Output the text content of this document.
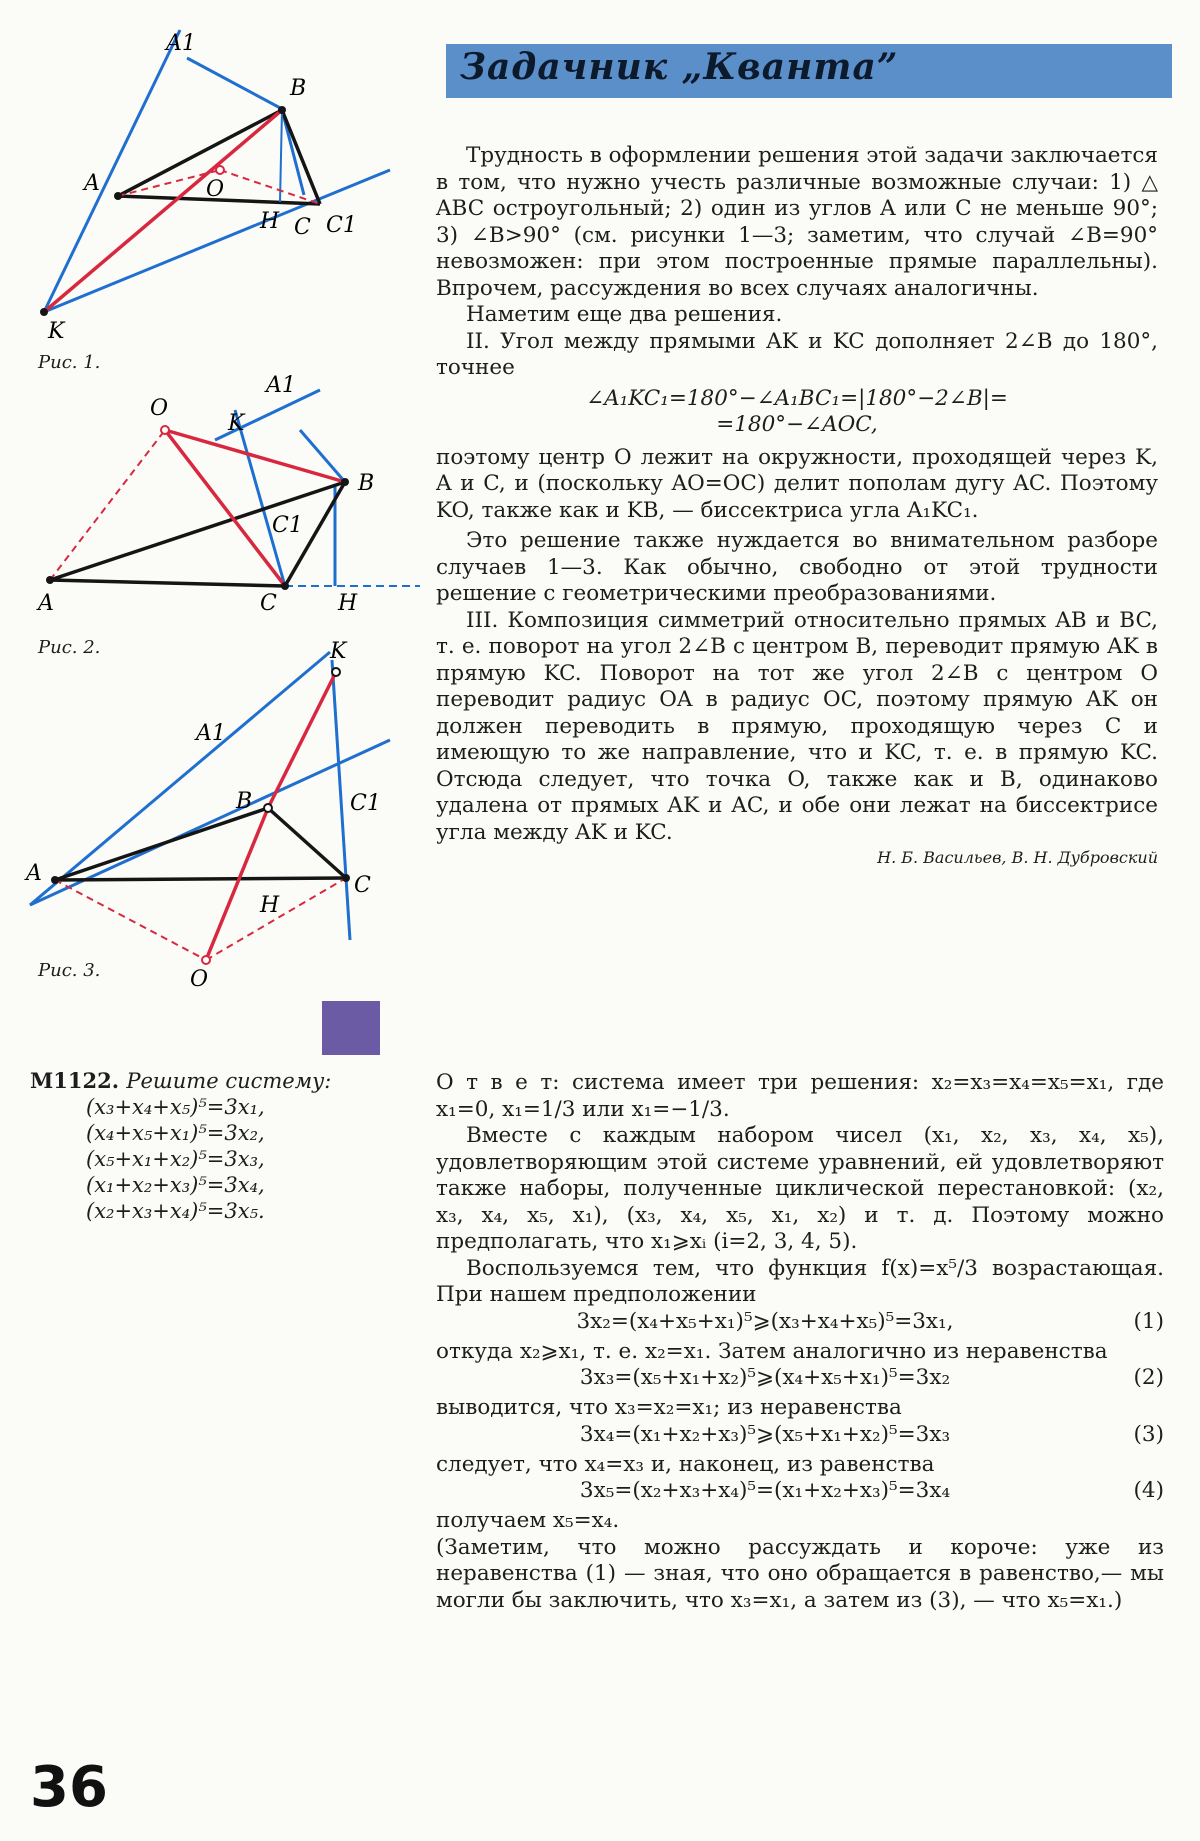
Задачник „Кванта”
A1
B
A	O
H C C1
K
Рис. 1.
O
K
A1
B
C1
A	C	H
Рис. 2.	K
A1
B	C1
A
H
C
O
Рис. 3.

Трудность в оформлении решения этой задачи заключается в том, что нужно учесть различные возможные случаи: 1) △ ABC остроугольный; 2) один из углов A или C не меньше 90°; 3) ∠B>90° (см. рисунки 1—3; заметим, что случай ∠B=90° невозможен: при этом построенные прямые параллельны). Впрочем, рассуждения во всех случаях аналогичны.

Наметим еще два решения.

II. Угол между прямыми AK и KC дополняет 2∠B до 180°, точнее

∠A₁KC₁=180°−∠A₁BC₁=|180°−2∠B|=

=180°−∠AOC,

поэтому центр O лежит на окружности, проходящей через K, A и C, и (поскольку AO=OC) делит пополам дугу AC. Поэтому KO, также как и KB, — биссектриса угла A₁KC₁.

Это решение также нуждается во внимательном разборе случаев 1—3. Как обычно, свободно от этой трудности решение с геометрическими преобразованиями.

III. Композиция симметрий относительно прямых AB и BC, т. е. поворот на угол 2∠B с центром B, переводит прямую AK в прямую KC. Поворот на тот же угол 2∠B с центром O переводит радиус OA в радиус OC, поэтому прямую AK он должен переводить в прямую, проходящую через C и имеющую то же направление, что и KC, т. е. в прямую KC. Отсюда следует, что точка O, также как и B, одинаково удалена от прямых AK и AC, и обе они лежат на биссектрисе угла между AK и KC.

Н. Б. Васильев, В. Н. Дубровский
М1122. Решите систему:
(x₃+x₄+x₅)⁵=3x₁,
(x₄+x₅+x₁)⁵=3x₂,
(x₅+x₁+x₂)⁵=3x₃,
(x₁+x₂+x₃)⁵=3x₄,
(x₂+x₃+x₄)⁵=3x₅.

О т в е т: система имеет три решения: x₂=x₃=x₄=x₅=x₁, где x₁=0, x₁=1/3 или x₁=−1/3.

Вместе с каждым набором чисел (x₁, x₂, x₃, x₄, x₅), удовлетворяющим этой системе уравнений, ей удовлетворяют также наборы, полученные циклической перестановкой: (x₂, x₃, x₄, x₅, x₁), (x₃, x₄, x₅, x₁, x₂) и т. д. Поэтому можно предполагать, что x₁⩾xᵢ (i=2, 3, 4, 5).

Воспользуемся тем, что функция f(x)=x⁵/3 возрастающая. При нашем предположении

3x₂=(x₄+x₅+x₁)⁵⩾(x₃+x₄+x₅)⁵=3x₁,	(1)

откуда x₂⩾x₁, т. е. x₂=x₁. Затем аналогично из неравенства

3x₃=(x₅+x₁+x₂)⁵⩾(x₄+x₅+x₁)⁵=3x₂	(2)

выводится, что x₃=x₂=x₁; из неравенства

3x₄=(x₁+x₂+x₃)⁵⩾(x₅+x₁+x₂)⁵=3x₃	(3)

следует, что x₄=x₃ и, наконец, из равенства

3x₅=(x₂+x₃+x₄)⁵=(x₁+x₂+x₃)⁵=3x₄	(4)

получаем x₅=x₄.

(Заметим, что можно рассуждать и короче: уже из неравенства (1) — зная, что оно обращается в равенство,— мы могли бы заключить, что x₃=x₁, а затем из (3), — что x₅=x₁.)

36
